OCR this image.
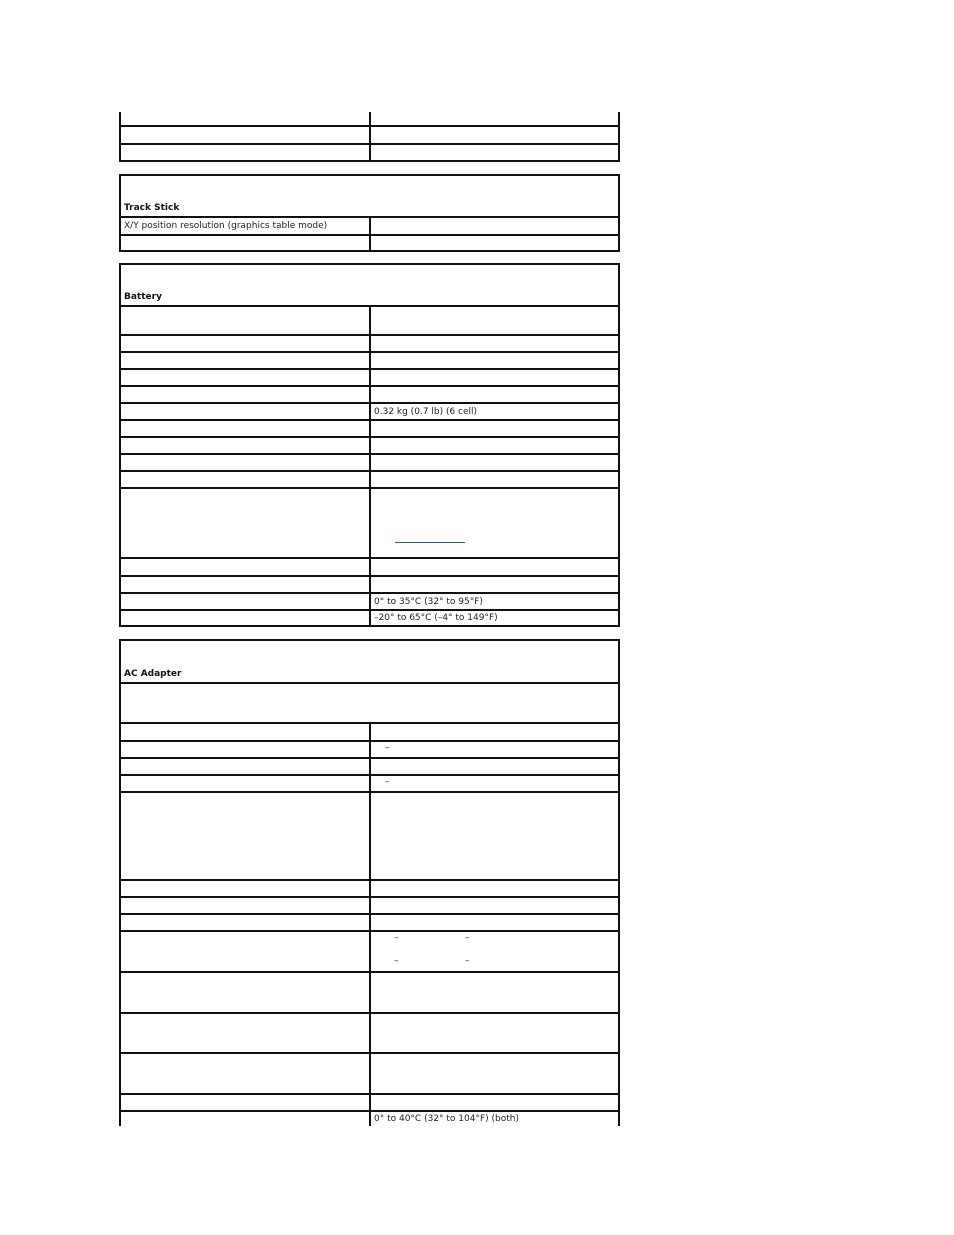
Track Stick
X/Y position resolution (graphics table mode)
Battery
0.32 kg (0.7 lb) (6 cell)
0° to 35°C (32° to 95°F)
–20° to 65°C (–4° to 149°F)
AC Adapter
–
–
–	–
–	–
0° to 40°C (32° to 104°F) (both)
